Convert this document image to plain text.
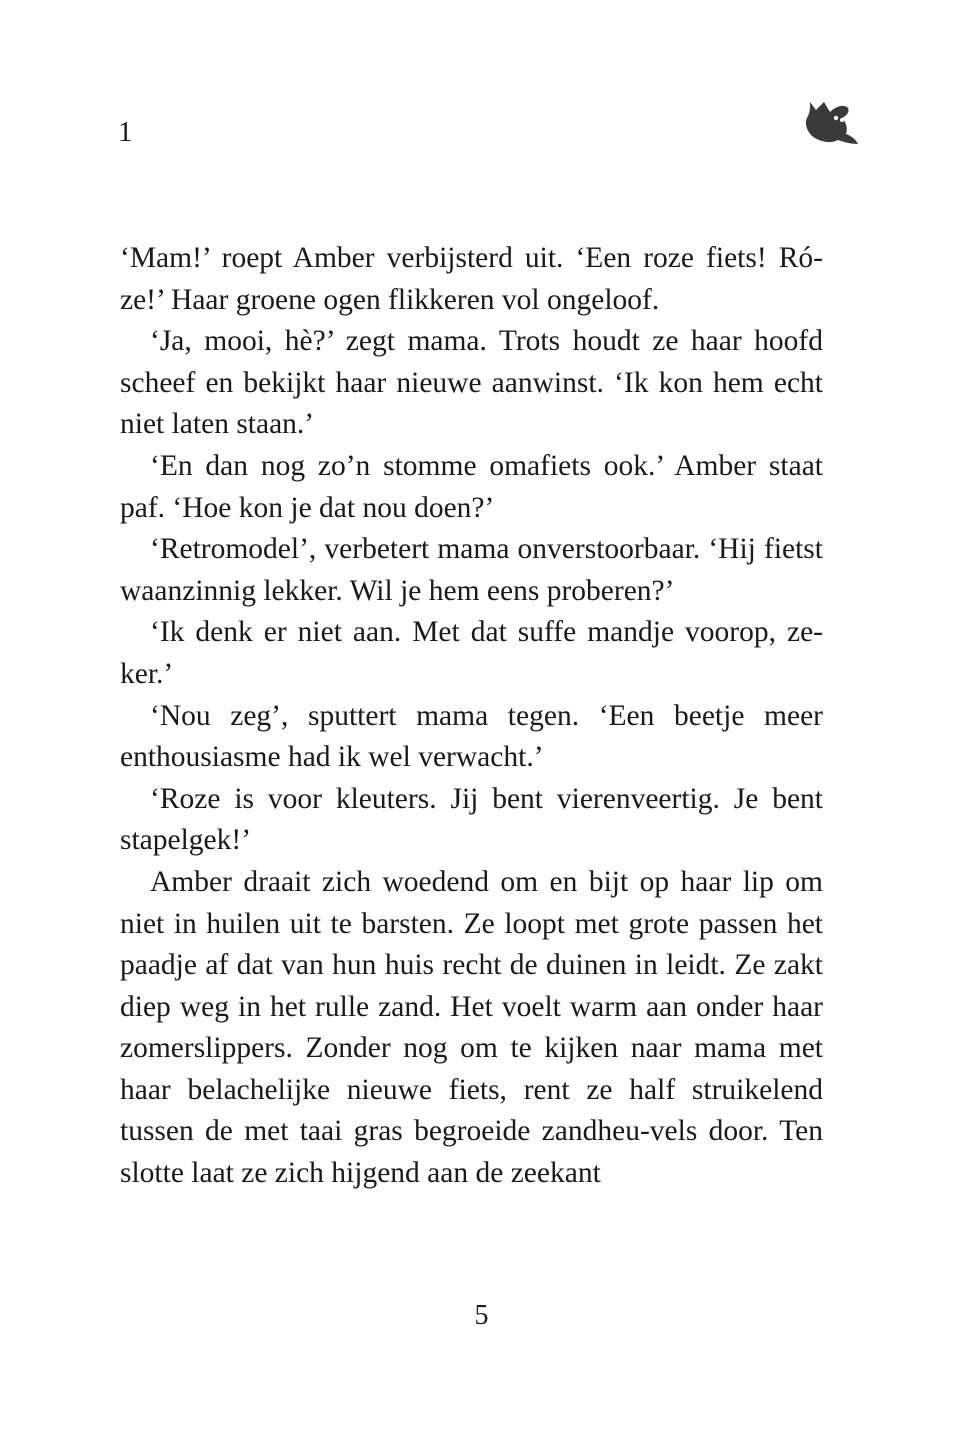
1

‘Mam!’ roept Amber verbijsterd uit. ‘Een roze fiets! Ró-ze!’ Haar groene ogen flikkeren vol ongeloof.

‘Ja, mooi, hè?’ zegt mama. Trots houdt ze haar hoofd scheef en bekijkt haar nieuwe aanwinst. ‘Ik kon hem echt niet laten staan.’

‘En dan nog zo’n stomme omafiets ook.’ Amber staat paf. ‘Hoe kon je dat nou doen?’

‘Retromodel’, verbetert mama onverstoorbaar. ‘Hij fietst waanzinnig lekker. Wil je hem eens proberen?’

‘Ik denk er niet aan. Met dat suffe mandje voorop, ze-ker.’

‘Nou zeg’, sputtert mama tegen. ‘Een beetje meer enthousiasme had ik wel verwacht.’

‘Roze is voor kleuters. Jij bent vierenveertig. Je bent stapelgek!’

Amber draait zich woedend om en bijt op haar lip om niet in huilen uit te barsten. Ze loopt met grote passen het paadje af dat van hun huis recht de duinen in leidt. Ze zakt diep weg in het rulle zand. Het voelt warm aan onder haar zomerslippers. Zonder nog om te kijken naar mama met haar belachelijke nieuwe fiets, rent ze half struikelend tussen de met taai gras begroeide zandheu-vels door. Ten slotte laat ze zich hijgend aan de zeekant

5
